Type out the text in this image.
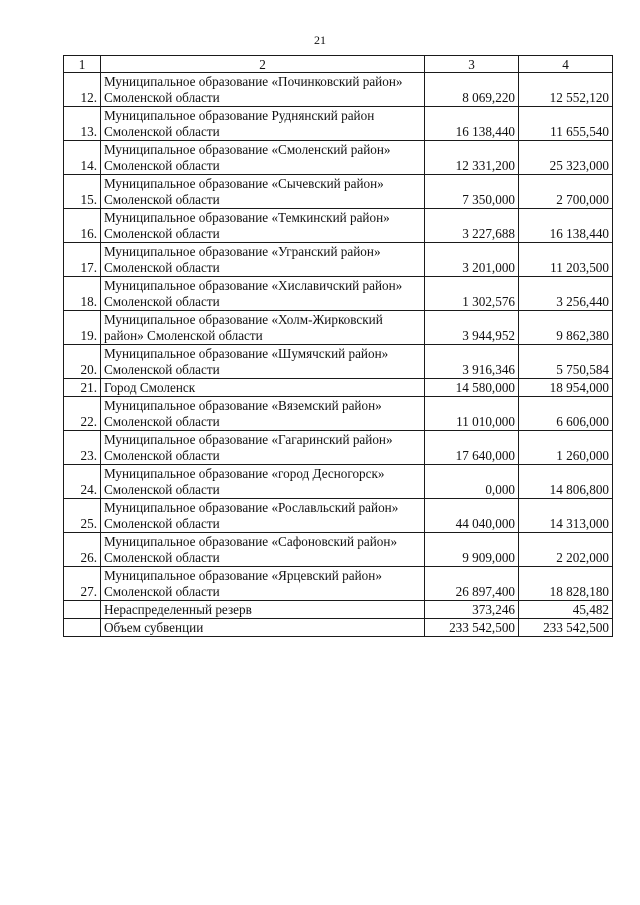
21
1	2	3	4
12.	Муниципальное образование «Починковский район» Смоленской области	8 069,220	12 552,120
13.	Муниципальное образование Руднянский район Смоленской области	16 138,440	11 655,540
14.	Муниципальное образование «Смоленский район» Смоленской области	12 331,200	25 323,000
15.	Муниципальное образование «Сычевский район» Смоленской области	7 350,000	2 700,000
16.	Муниципальное образование «Темкинский район» Смоленской области	3 227,688	16 138,440
17.	Муниципальное образование «Угранский район» Смоленской области	3 201,000	11 203,500
18.	Муниципальное образование «Хиславичский район» Смоленской области	1 302,576	3 256,440
19.	Муниципальное образование «Холм-Жирковский район» Смоленской области	3 944,952	9 862,380
20.	Муниципальное образование «Шумячский район» Смоленской области	3 916,346	5 750,584
21.	Город Смоленск	14 580,000	18 954,000
22.	Муниципальное образование «Вяземский район» Смоленской области	11 010,000	6 606,000
23.	Муниципальное образование «Гагаринский район» Смоленской области	17 640,000	1 260,000
24.	Муниципальное образование «город Десногорск» Смоленской области	0,000	14 806,800
25.	Муниципальное образование «Рославльский район» Смоленской области	44 040,000	14 313,000
26.	Муниципальное образование «Сафоновский район» Смоленской области	9 909,000	2 202,000
27.	Муниципальное образование «Ярцевский район» Смоленской области	26 897,400	18 828,180
	Нераспределенный резерв	373,246	45,482
	Объем субвенции	233 542,500	233 542,500
